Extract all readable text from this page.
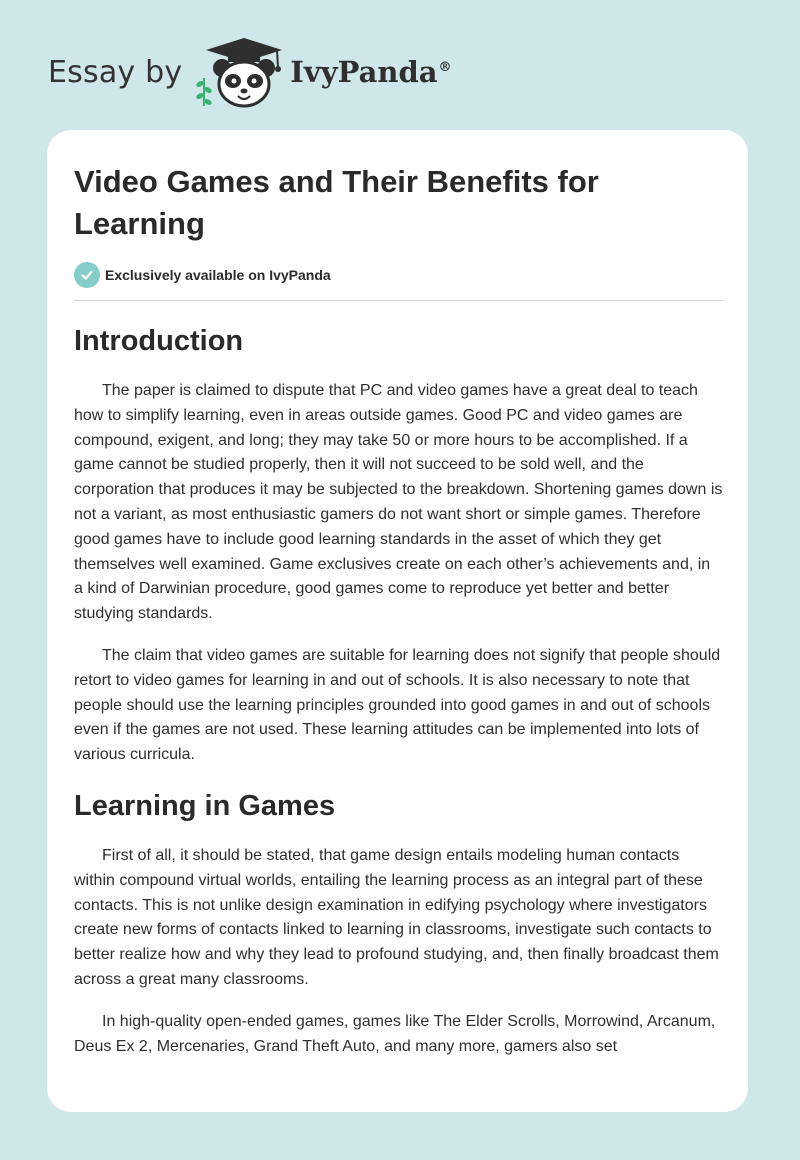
Essay by	IvyPanda®
Video Games and Their Benefits for Learning
Exclusively available on IvyPanda
Introduction

The paper is claimed to dispute that PC and video games have a great deal to teach how to simplify learning, even in areas outside games. Good PC and video games are compound, exigent, and long; they may take 50 or more hours to be accomplished. If a game cannot be studied properly, then it will not succeed to be sold well, and the corporation that produces it may be subjected to the breakdown. Shortening games down is not a variant, as most enthusiastic gamers do not want short or simple games. Therefore good games have to include good learning standards in the asset of which they get themselves well examined. Game exclusives create on each other’s achievements and, in a kind of Darwinian procedure, good games come to reproduce yet better and better studying standards.

The claim that video games are suitable for learning does not signify that people should retort to video games for learning in and out of schools. It is also necessary to note that people should use the learning principles grounded into good games in and out of schools even if the games are not used. These learning attitudes can be implemented into lots of various curricula.

Learning in Games

First of all, it should be stated, that game design entails modeling human contacts within compound virtual worlds, entailing the learning process as an integral part of these contacts. This is not unlike design examination in edifying psychology where investigators create new forms of contacts linked to learning in classrooms, investigate such contacts to better realize how and why they lead to profound studying, and, then finally broadcast them across a great many classrooms.

In high-quality open-ended games, games like The Elder Scrolls, Morrowind, Arcanum, Deus Ex 2, Mercenaries, Grand Theft Auto, and many more, gamers also set
